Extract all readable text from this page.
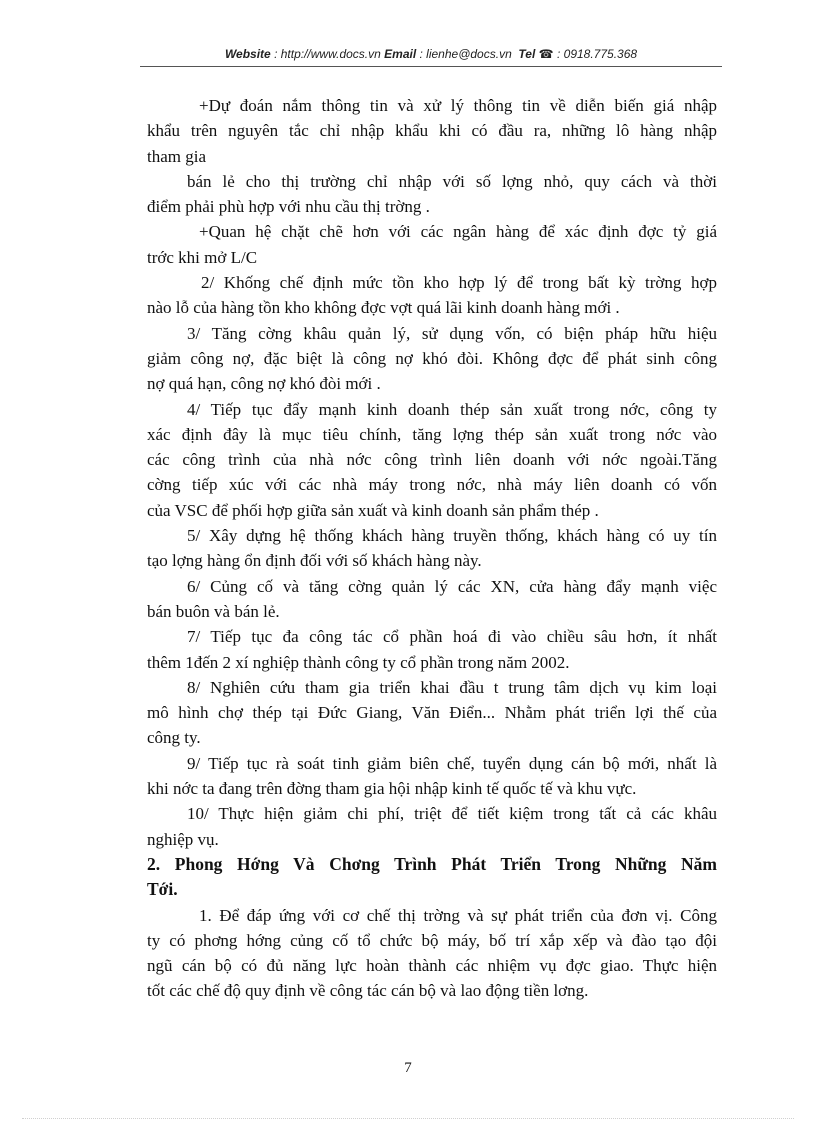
Website : http://www.docs.vn Email : lienhe@docs.vn Tel ☎ : 0918.775.368

+Dự đoán nắm thông tin và xử lý thông tin về diễn biến giá nhập
khẩu trên nguyên tắc chỉ nhập khẩu khi có đầu ra, những lô hàng nhập
tham gia

bán lẻ cho thị trường chỉ nhập với số lợng nhỏ, quy cách và thời
điểm phải phù hợp với nhu cầu thị trờng .

+Quan hệ chặt chẽ hơn với các ngân hàng để xác định đợc tỷ giá
trớc khi mở L/C

2/ Khống chế định mức tồn kho hợp lý để trong bất kỳ trờng hợp
nào lỗ của hàng tồn kho không đợc vợt quá lãi kinh doanh hàng mới .

3/ Tăng cờng khâu quản lý, sử dụng vốn, có biện pháp hữu hiệu
giảm công nợ, đặc biệt là công nợ khó đòi. Không đợc để phát sinh công
nợ quá hạn, công nợ khó đòi mới .

4/ Tiếp tục đẩy mạnh kinh doanh thép sản xuất trong nớc, công ty
xác định đây là mục tiêu chính, tăng lợng thép sản xuất trong nớc vào
các công trình của nhà nớc công trình liên doanh với nớc ngoài.Tăng
cờng tiếp xúc với các nhà máy trong nớc, nhà máy liên doanh có vốn
của VSC để phối hợp giữa sản xuất và kinh doanh sản phẩm thép .

5/ Xây dựng hệ thống khách hàng truyền thống, khách hàng có uy tín
tạo lợng hàng ổn định đối với số khách hàng này.

6/ Củng cố và tăng cờng quản lý các XN, cửa hàng đẩy mạnh việc
bán buôn và bán lẻ.

7/ Tiếp tục đa công tác cổ phần hoá đi vào chiều sâu hơn, ít nhất
thêm 1đến 2 xí nghiệp thành công ty cổ phần trong năm 2002.

8/ Nghiên cứu tham gia triển khai đầu t trung tâm dịch vụ kim loại
mô hình chợ thép tại Đức Giang, Văn Điển... Nhằm phát triển lợi thế của
công ty.

9/ Tiếp tục rà soát tinh giảm biên chế, tuyển dụng cán bộ mới, nhất là
khi nớc ta đang trên đờng tham gia hội nhập kinh tế quốc tế và khu vực.

10/ Thực hiện giảm chi phí, triệt để tiết kiệm trong tất cả các khâu
nghiệp vụ.

2. Phong Hớng Và Chơng Trình Phát Triển Trong Những Năm
Tới.

1. Để đáp ứng với cơ chế thị trờng và sự phát triển của đơn vị. Công
ty có phơng hớng củng cố tổ chức bộ máy, bố trí xắp xếp và đào tạo đội
ngũ cán bộ có đủ năng lực hoàn thành các nhiệm vụ đợc giao. Thực hiện
tốt các chế độ quy định về công tác cán bộ và lao động tiền lơng.

7
